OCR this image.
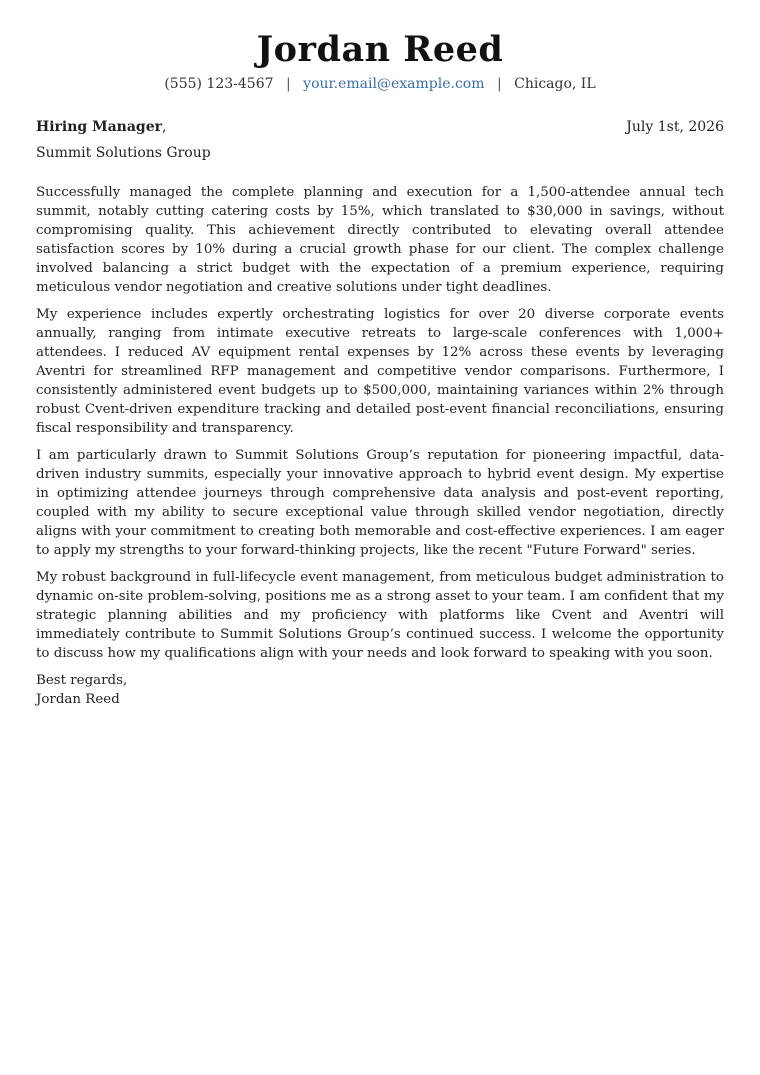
Jordan Reed
(555) 123-4567 | your.email@example.com | Chicago, IL
Hiring Manager,	July 1st, 2026
Summit Solutions Group

Successfully managed the complete planning and execution for a 1,500-attendee annual tech summit, notably cutting catering costs by 15%, which translated to $30,000 in savings, without compromising quality. This achievement directly contributed to elevating overall attendee satisfaction scores by 10% during a crucial growth phase for our client. The complex challenge involved balancing a strict budget with the expectation of a premium experience, requiring meticulous vendor negotiation and creative solutions under tight deadlines.

My experience includes expertly orchestrating logistics for over 20 diverse corporate events annually, ranging from intimate executive retreats to large-scale conferences with 1,000+ attendees. I reduced AV equipment rental expenses by 12% across these events by leveraging Aventri for streamlined RFP management and competitive vendor comparisons. Furthermore, I consistently administered event budgets up to $500,000, maintaining variances within 2% through robust Cvent-driven expenditure tracking and detailed post-event financial reconciliations, ensuring fiscal responsibility and transparency.

I am particularly drawn to Summit Solutions Group’s reputation for pioneering impactful, data-driven industry summits, especially your innovative approach to hybrid event design. My expertise in optimizing attendee journeys through comprehensive data analysis and post-event reporting, coupled with my ability to secure exceptional value through skilled vendor negotiation, directly aligns with your commitment to creating both memorable and cost-effective experiences. I am eager to apply my strengths to your forward-thinking projects, like the recent "Future Forward" series.

My robust background in full-lifecycle event management, from meticulous budget administration to dynamic on-site problem-solving, positions me as a strong asset to your team. I am confident that my strategic planning abilities and my proficiency with platforms like Cvent and Aventri will immediately contribute to Summit Solutions Group’s continued success. I welcome the opportunity to discuss how my qualifications align with your needs and look forward to speaking with you soon.

Best regards,
Jordan Reed
